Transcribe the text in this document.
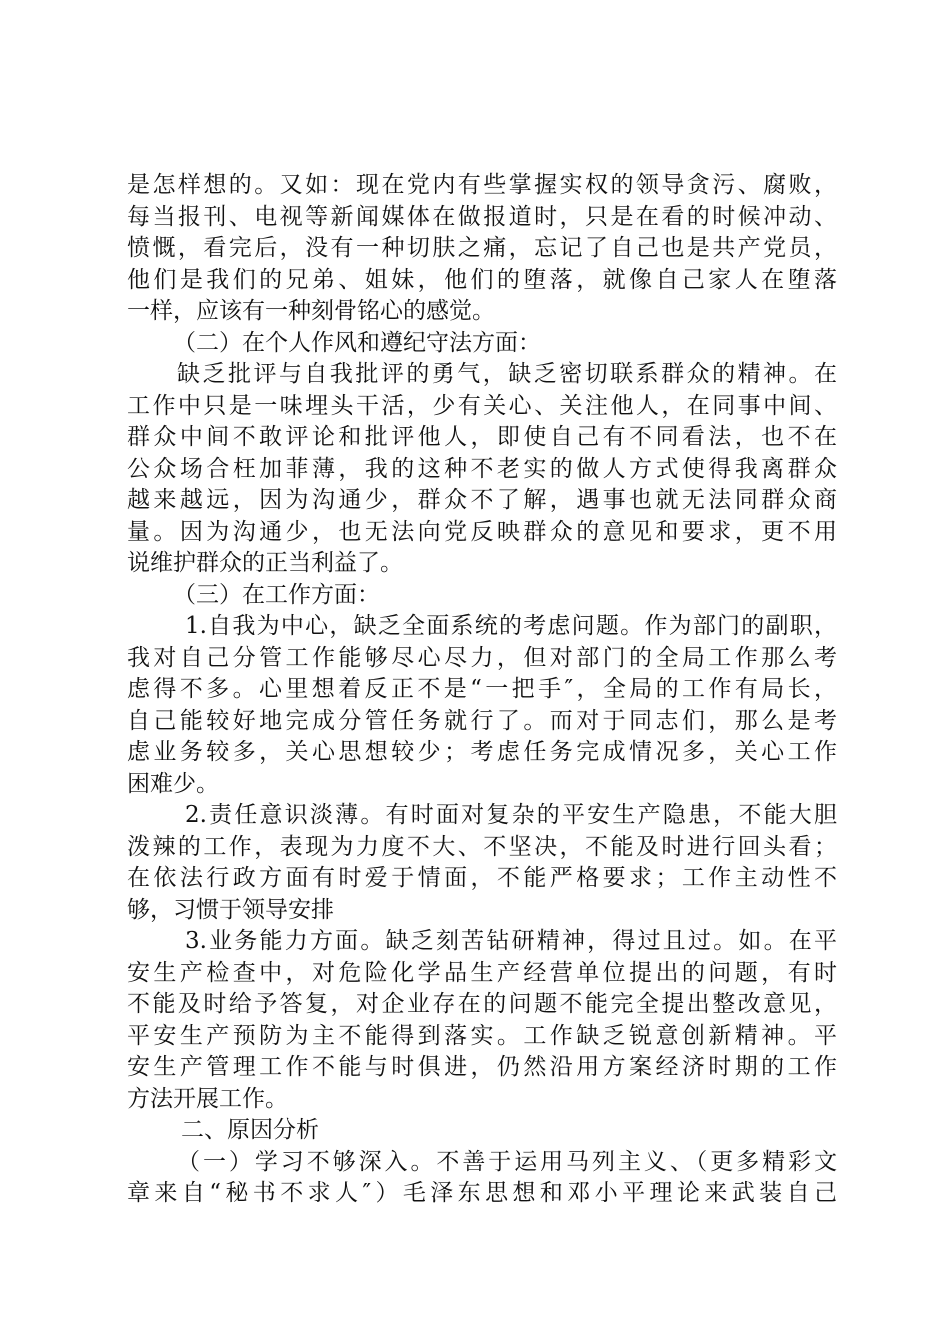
是怎样想的。又如：现在党内有些掌握实权的领导贪污、腐败，
每当报刊、电视等新闻媒体在做报道时，只是在看的时候冲动、
愤慨，看完后，没有一种切肤之痛，忘记了自己也是共产党员，
他们是我们的兄弟、姐妹，他们的堕落，就像自己家人在堕落
一样，应该有一种刻骨铭心的感觉。
（二）在个人作风和遵纪守法方面：
缺乏批评与自我批评的勇气，缺乏密切联系群众的精神。在
工作中只是一味埋头干活，少有关心、关注他人，在同事中间、
群众中间不敢评论和批评他人，即使自己有不同看法，也不在
公众场合枉加菲薄，我的这种不老实的做人方式使得我离群众
越来越远，因为沟通少，群众不了解，遇事也就无法同群众商
量。因为沟通少，也无法向党反映群众的意见和要求，更不用
说维护群众的正当利益了。
（三）在工作方面：
1.自我为中心，缺乏全面系统的考虑问题。作为部门的副职，
我对自己分管工作能够尽心尽力，但对部门的全局工作那么考
虑得不多。心里想着反正不是“一把手″，全局的工作有局长，
自己能较好地完成分管任务就行了。而对于同志们，那么是考
虑业务较多，关心思想较少；考虑任务完成情况多，关心工作
困难少。
2.责任意识淡薄。有时面对复杂的平安生产隐患，不能大胆
泼辣的工作，表现为力度不大、不坚决，不能及时进行回头看；
在依法行政方面有时爱于情面，不能严格要求；工作主动性不
够，习惯于领导安排
3.业务能力方面。缺乏刻苦钻研精神，得过且过。如。在平
安生产检查中，对危险化学品生产经营单位提出的问题，有时
不能及时给予答复，对企业存在的问题不能完全提出整改意见，
平安生产预防为主不能得到落实。工作缺乏锐意创新精神。平
安生产管理工作不能与时俱进，仍然沿用方案经济时期的工作
方法开展工作。
二、原因分析
（一）学习不够深入。不善于运用马列主义、（更多精彩文
章来自“秘书不求人″）毛泽东思想和邓小平理论来武装自己
